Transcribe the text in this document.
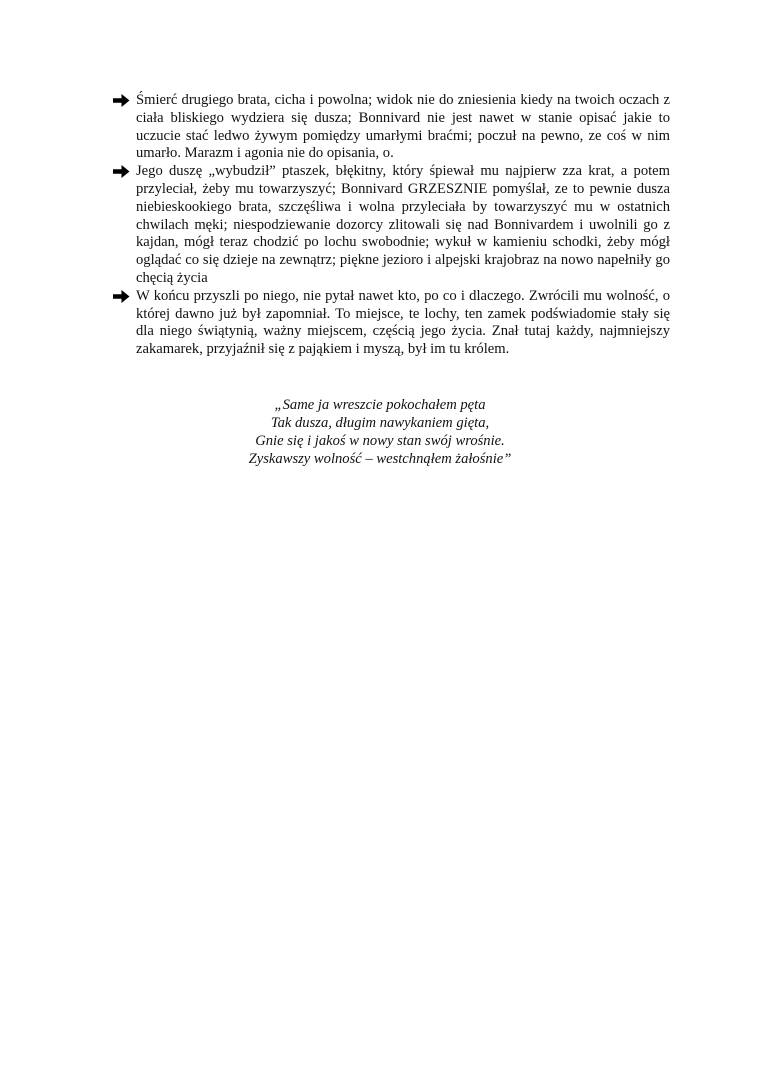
Śmierć drugiego brata, cicha i powolna; widok nie do zniesienia kiedy na twoich oczach z ciała bliskiego wydziera się dusza; Bonnivard nie jest nawet w stanie opisać jakie to uczucie stać ledwo żywym pomiędzy umarłymi braćmi; poczuł na pewno, ze coś w nim umarło. Marazm i agonia nie do opisania, o.
Jego duszę „wybudził” ptaszek, błękitny, który śpiewał mu najpierw zza krat, a potem przyleciał, żeby mu towarzyszyć; Bonnivard GRZESZNIE pomyślał, ze to pewnie dusza niebieskookiego brata, szczęśliwa i wolna przyleciała by towarzyszyć mu w ostatnich chwilach męki; niespodziewanie dozorcy zlitowali się nad Bonnivardem i uwolnili go z kajdan, mógł teraz chodzić po lochu swobodnie; wykuł w kamieniu schodki, żeby mógł oglądać co się dzieje na zewnątrz; piękne jezioro i alpejski krajobraz na nowo napełniły go chęcią życia
W końcu przyszli po niego, nie pytał nawet kto, po co i dlaczego. Zwrócili mu wolność, o której dawno już był zapomniał. To miejsce, te lochy, ten zamek podświadomie stały się dla niego świątynią, ważny miejscem, częścią jego życia. Znał tutaj każdy, najmniejszy zakamarek, przyjaźnił się z pająkiem i myszą, był im tu królem.
„Same ja wreszcie pokochałem pęta
Tak dusza, długim nawykaniem gięta,
Gnie się i jakoś w nowy stan swój wrośnie.
Zyskawszy wolność – westchnąłem żałośnie”
